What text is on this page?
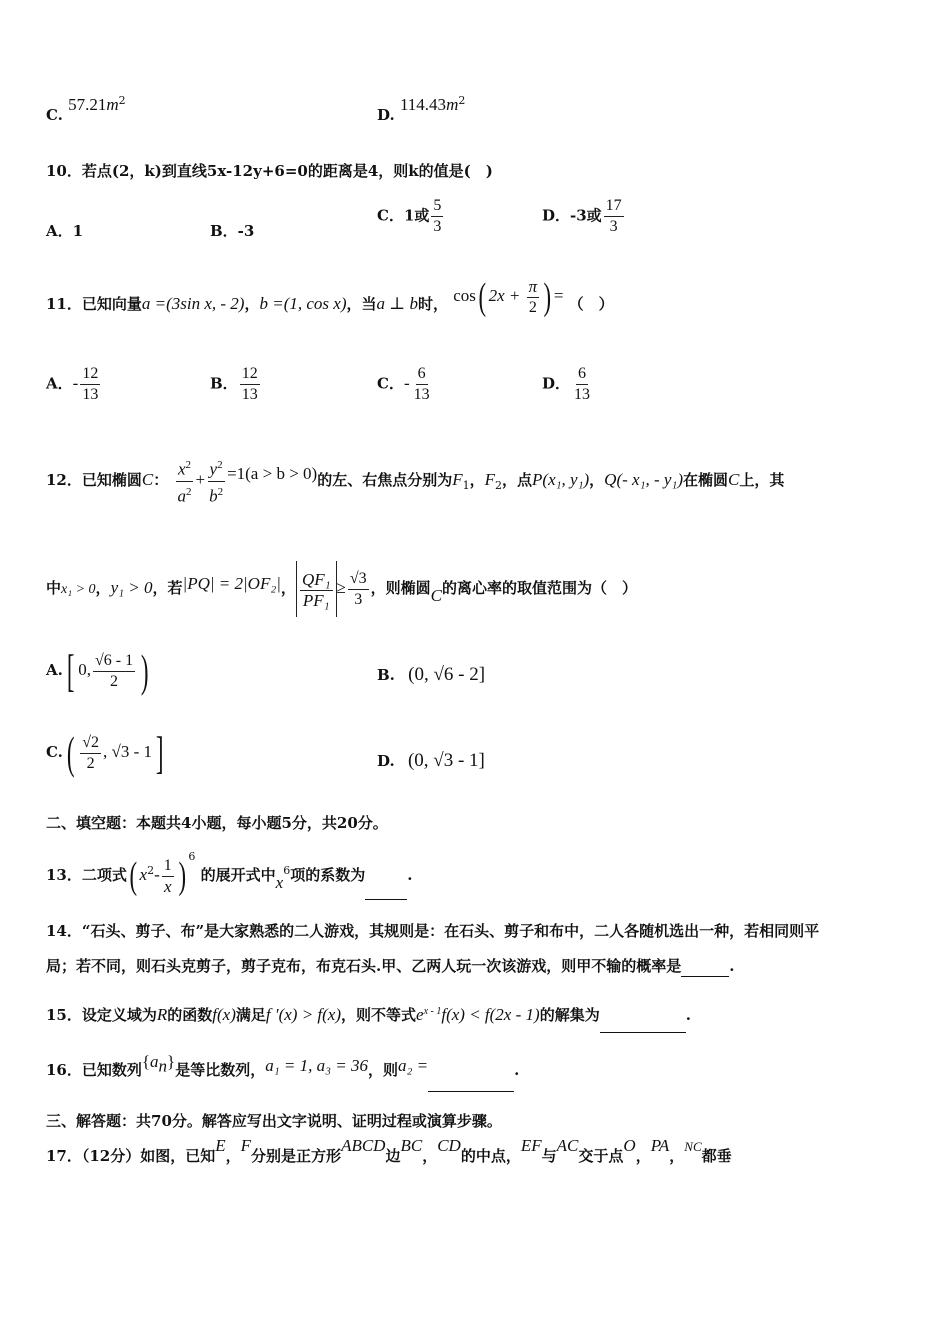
C. $57.21m^2$
D. $114.43m^2$
10．若点(2，k)到直线5x-12y+6=0的距离是4，则k的值是(　)
A．1	B．-3
C．1或 $\frac{5}{3}$	D．-3或 $\frac{17}{3}$
11．已知向量a =(3sin x, - 2)，b =(1, cos x)，当a ⊥ b时， cos( $2x + \frac{\pi}{2}$ ) = （　）
A．- $\frac{12}{13}$	B． $\frac{12}{13}$	C．- $\frac{6}{13}$	D． $\frac{6}{13}$
12．已知椭圆C： $\frac{x^2}{a^2} + \frac{y^2}{b^2} =1(a > b > 0)$的左、右焦点分别为$F_1$，$F_2$，点P(x₁, y₁)，Q(- x₁, - y₁)在椭圆C上，其
中x₁ > 0，y₁ > 0，若|PQ| = 2|OF₂|， $\frac{\text{QF₁}}{\text{PF₁}} \ge \frac{√3}{3}$ ，则椭圆C的离心率的取值范围为（　）
A.[ 0, $\frac{√6 - 1}{2}$ )	B. (0, √6 - 2]
$C.( \frac{√2}{2}$ , √3 - 1]	D. (0, √3 - 1]
二、填空题：本题共4小题，每小题5分，共20分。
13．二项式( $x^2- \frac{1}{x}$ ) $^6$ 的展开式中$x^6$项的系数为	.
14．“石头、剪子、布”是大家熟悉的二人游戏，其规则是：在石头、剪子和布中，二人各随机选出一种，若相同则平
局；若不同，则石头克剪子，剪子克布，布克石头.甲、乙两人玩一次该游戏，则甲不输的概率是	.
15．设定义域为R的函数f(x)满足f ′(x) > f(x)，则不等式$e^{x - 1}f(x) < f(2x - 1)$的解集为	.
16．已知数列$\{a_n\}$是等比数列，a₁ = 1, a₃ = 36，则a₂ =	.
三、解答题：共70分。解答应写出文字说明、证明过程或演算步骤。
17．（12分）如图，已知E，F分别是正方形ABCD边BC，CD的中点，EF与AC交于点O，PA，NC都垂
